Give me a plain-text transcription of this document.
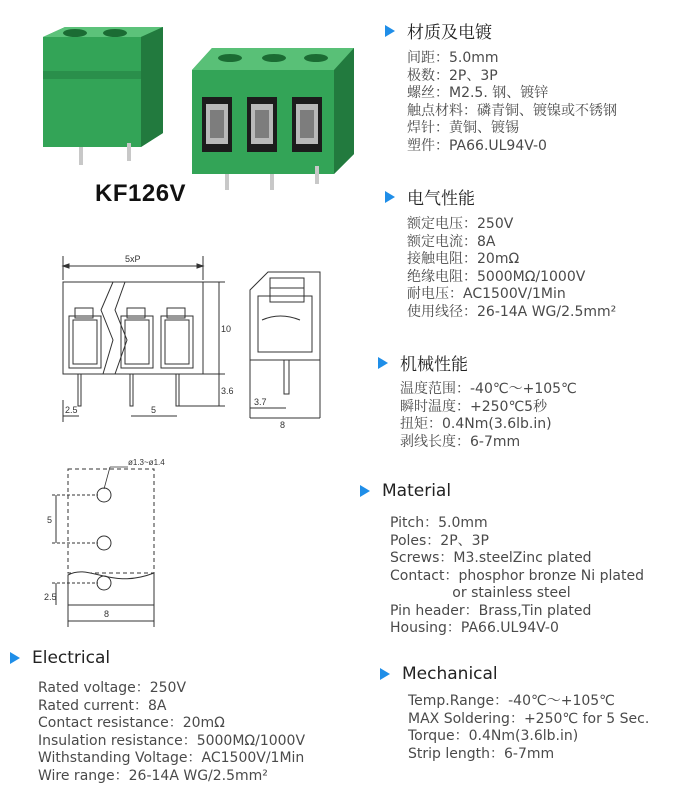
KF126V
5xP
10
3.6
2.5	5
3.7
8
ø1.3~ø1.4
5
2.5
8
材质及电镀
间距：5.0mm
极数：2P、3P
螺丝：M2.5. 钢、镀锌
触点材料：磷青铜、镀镍或不锈钢
焊针：黄铜、镀锡
塑件：PA66.UL94V-0
电气性能
额定电压：250V
额定电流：8A
接触电阻：20mΩ
绝缘电阻：5000MΩ/1000V
耐电压：AC1500V/1Min
使用线径：26-14A WG/2.5mm²
机械性能
温度范围：-40℃～+105℃
瞬时温度：+250℃5秒
扭矩：0.4Nm(3.6lb.in)
剥线长度：6-7mm
Material
Pitch：5.0mm
Poles：2P、3P
Screws：M3.steelZinc plated
Contact：phosphor bronze Ni plated
or stainless steel
Pin header：Brass,Tin plated
Housing：PA66.UL94V-0
Electrical
Rated voltage：250V
Rated current：8A
Contact resistance：20mΩ
Insulation resistance：5000MΩ/1000V
Withstanding Voltage：AC1500V/1Min
Wire range：26-14A WG/2.5mm²
Mechanical
Temp.Range：-40℃～+105℃
MAX Soldering：+250℃ for 5 Sec.
Torque：0.4Nm(3.6lb.in)
Strip length：6-7mm
